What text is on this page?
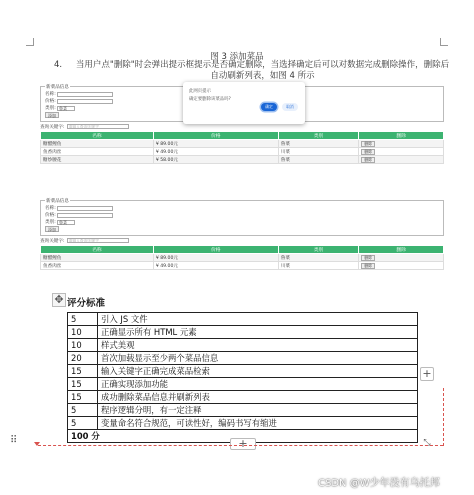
图 3 添加菜品
4.	当用户点"删除"时会弹出提示框提示是否确定删除，当选择确定后可以对数据完成删除操作，删除后自动刷新列表，如图 4 所示
新菜品信息
名称:
价格:
类别: 鲁菜
添加
查询关键字:	请输入查询关键字
名称	价格	类别	删除
糖醋鲤鱼	¥ 89.00元	鲁菜	删除
鱼香肉丝	¥ 49.00元	川菜	删除
糖炒腰花	¥ 58.00元	鲁菜	删除
此网页提示
确定要删除该菜品吗?
确定	取消
新菜品信息
名称:
价格:
类别: 鲁菜
添加
查询关键字:	请输入查询关键字
名称	价格	类别	删除
糖醋鲤鱼	¥ 89.00元	鲁菜	删除
鱼香肉丝	¥ 49.00元	川菜	删除
✥ 评分标准
5	引入 JS 文件
10	正确显示所有 HTML 元素
10	样式美观
20	首次加载显示至少两个菜品信息
15	输入关键字正确完成菜品检索
15	正确实现添加功能
15	成功删除菜品信息并刷新列表
5	程序逻辑分明，有一定注释
5	变量命名符合规范，可读性好，编码书写有缩进
100 分	
+
+	⤡
⠿
CSDN @W少年没有乌托邦
